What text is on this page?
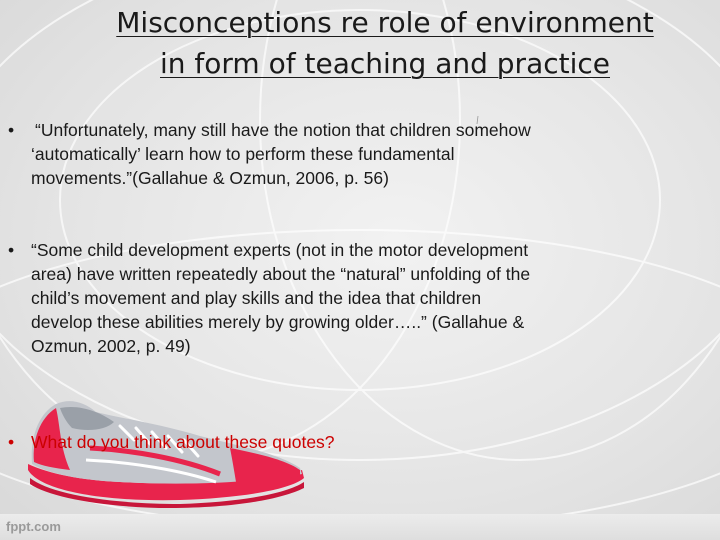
Misconceptions re role of environment
in form of teaching and practice
•	“Unfortunately, many still have the notion that children somehow ‘automatically’ learn how to perform these fundamental movements.”(Gallahue & Ozmun, 2006, p. 56)
• “Some child development experts (not in the motor development area) have written repeatedly about the “natural” unfolding of the child’s movement and play skills and the idea that children develop these abilities merely by growing older…..” (Gallahue & Ozmun, 2002, p. 49)
• What do you think about these quotes?
fppt.com
